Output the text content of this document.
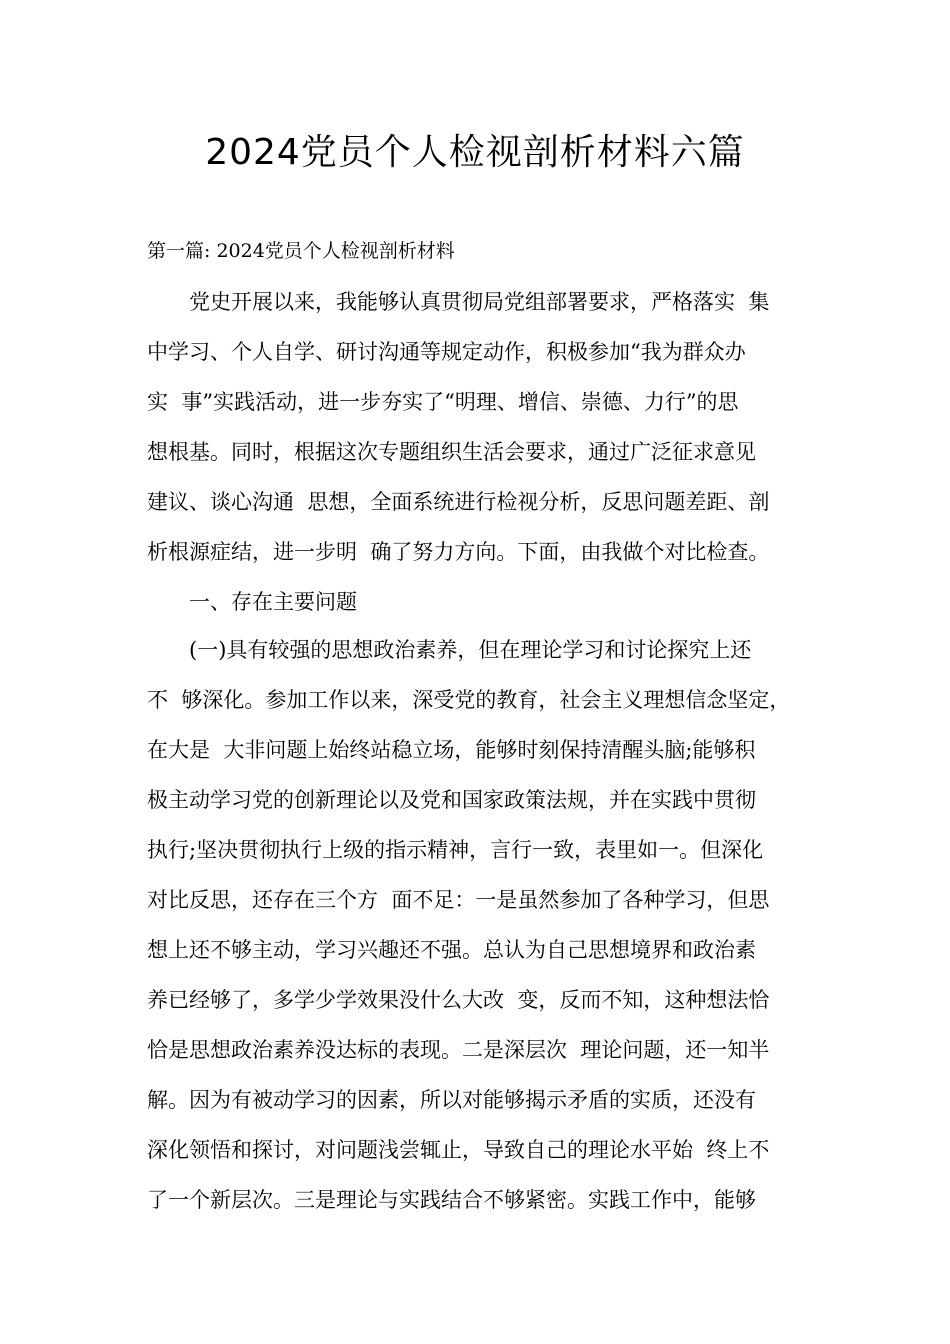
2024党员个人检视剖析材料六篇
第一篇: 2024党员个人检视剖析材料
党史开展以来，我能够认真贯彻局党组部署要求，严格落实  集
中学习、个人自学、研讨沟通等规定动作，积极参加“我为群众办
实  事”实践活动，进一步夯实了“明理、增信、崇德、力行”的思
想根基。同时，根据这次专题组织生活会要求，通过广泛征求意见
建议、谈心沟通  思想，全面系统进行检视分析，反思问题差距、剖
析根源症结，进一步明  确了努力方向。下面，由我做个对比检查。
一、存在主要问题
(一)具有较强的思想政治素养，但在理论学习和讨论探究上还
不  够深化。参加工作以来，深受党的教育，社会主义理想信念坚定，
在大是  大非问题上始终站稳立场，能够时刻保持清醒头脑;能够积
极主动学习党的创新理论以及党和国家政策法规，并在实践中贯彻
执行;坚决贯彻执行上级的指示精神，言行一致，表里如一。但深化
对比反思，还存在三个方  面不足：一是虽然参加了各种学习，但思
想上还不够主动，学习兴趣还不强。总认为自己思想境界和政治素
养已经够了，多学少学效果没什么大改  变，反而不知，这种想法恰
恰是思想政治素养没达标的表现。二是深层次  理论问题，还一知半
解。因为有被动学习的因素，所以对能够揭示矛盾的实质，还没有
深化领悟和探讨，对问题浅尝辄止，导致自己的理论水平始  终上不
了一个新层次。三是理论与实践结合不够紧密。实践工作中，能够
